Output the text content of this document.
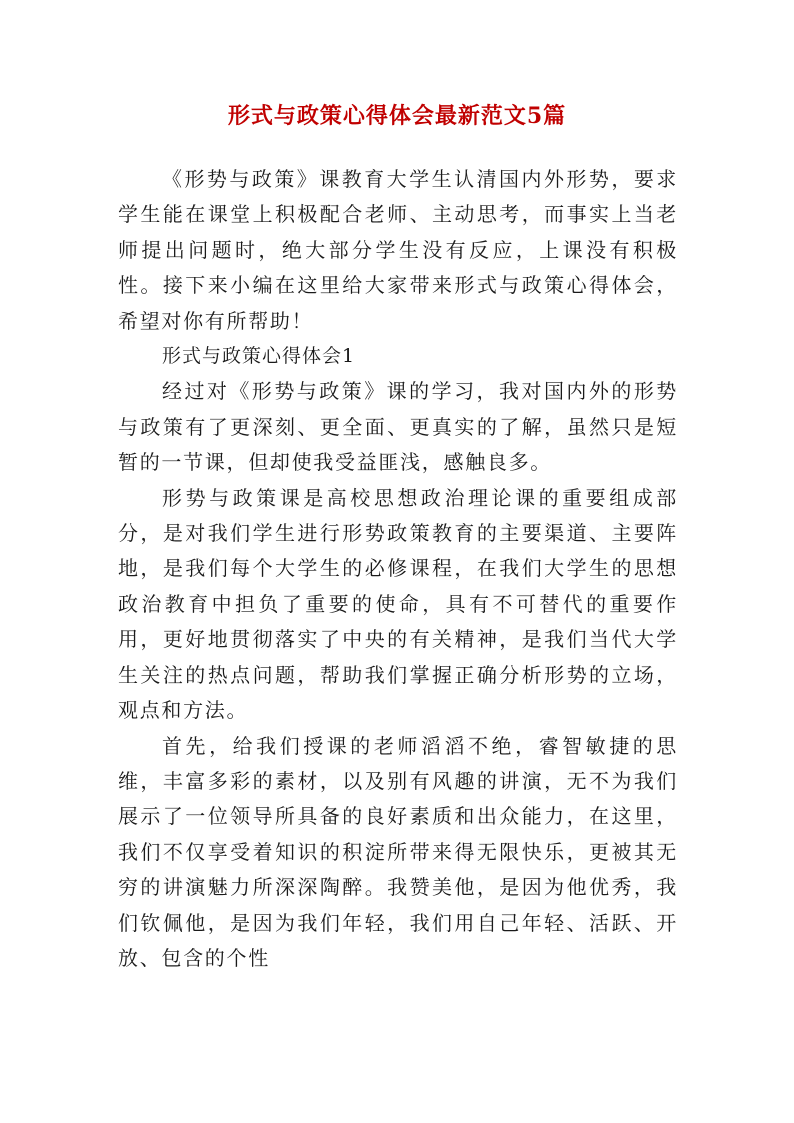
形式与政策心得体会最新范文5篇

《形势与政策》课教育大学生认清国内外形势，要求学生能在课堂上积极配合老师、主动思考，而事实上当老师提出问题时，绝大部分学生没有反应，上课没有积极性。接下来小编在这里给大家带来形式与政策心得体会，希望对你有所帮助！

形式与政策心得体会1

经过对《形势与政策》课的学习，我对国内外的形势与政策有了更深刻、更全面、更真实的了解，虽然只是短暂的一节课，但却使我受益匪浅，感触良多。

形势与政策课是高校思想政治理论课的重要组成部分，是对我们学生进行形势政策教育的主要渠道、主要阵地，是我们每个大学生的必修课程，在我们大学生的思想政治教育中担负了重要的使命，具有不可替代的重要作用，更好地贯彻落实了中央的有关精神，是我们当代大学生关注的热点问题，帮助我们掌握正确分析形势的立场，观点和方法。

首先，给我们授课的老师滔滔不绝，睿智敏捷的思维，丰富多彩的素材，以及别有风趣的讲演，无不为我们展示了一位领导所具备的良好素质和出众能力，在这里，我们不仅享受着知识的积淀所带来得无限快乐，更被其无穷的讲演魅力所深深陶醉。我赞美他，是因为他优秀，我们钦佩他，是因为我们年轻，我们用自己年轻、活跃、开放、包含的个性
